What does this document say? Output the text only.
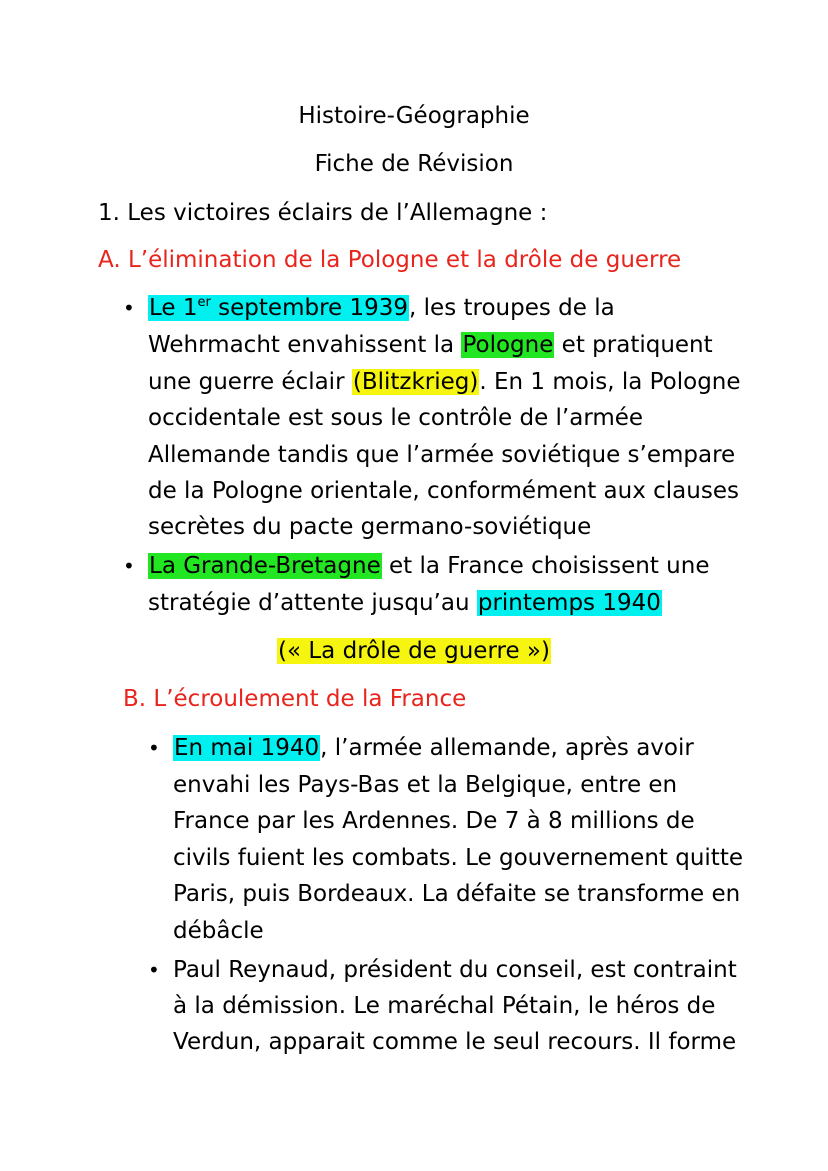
Histoire-Géographie
Fiche de Révision
1. Les victoires éclairs de l’Allemagne :
A. L’élimination de la Pologne et la drôle de guerre
• Le 1er septembre 1939, les troupes de la
Wehrmacht envahissent la Pologne et pratiquent
une guerre éclair (Blitzkrieg). En 1 mois, la Pologne
occidentale est sous le contrôle de l’armée
Allemande tandis que l’armée soviétique s’empare
de la Pologne orientale, conformément aux clauses
secrètes du pacte germano-soviétique
• La Grande-Bretagne et la France choisissent une
stratégie d’attente jusqu’au printemps 1940
(« La drôle de guerre »)
B. L’écroulement de la France
• En mai 1940, l’armée allemande, après avoir
envahi les Pays-Bas et la Belgique, entre en
France par les Ardennes. De 7 à 8 millions de
civils fuient les combats. Le gouvernement quitte
Paris, puis Bordeaux. La défaite se transforme en
débâcle
• Paul Reynaud, président du conseil, est contraint
à la démission. Le maréchal Pétain, le héros de
Verdun, apparait comme le seul recours. Il forme
